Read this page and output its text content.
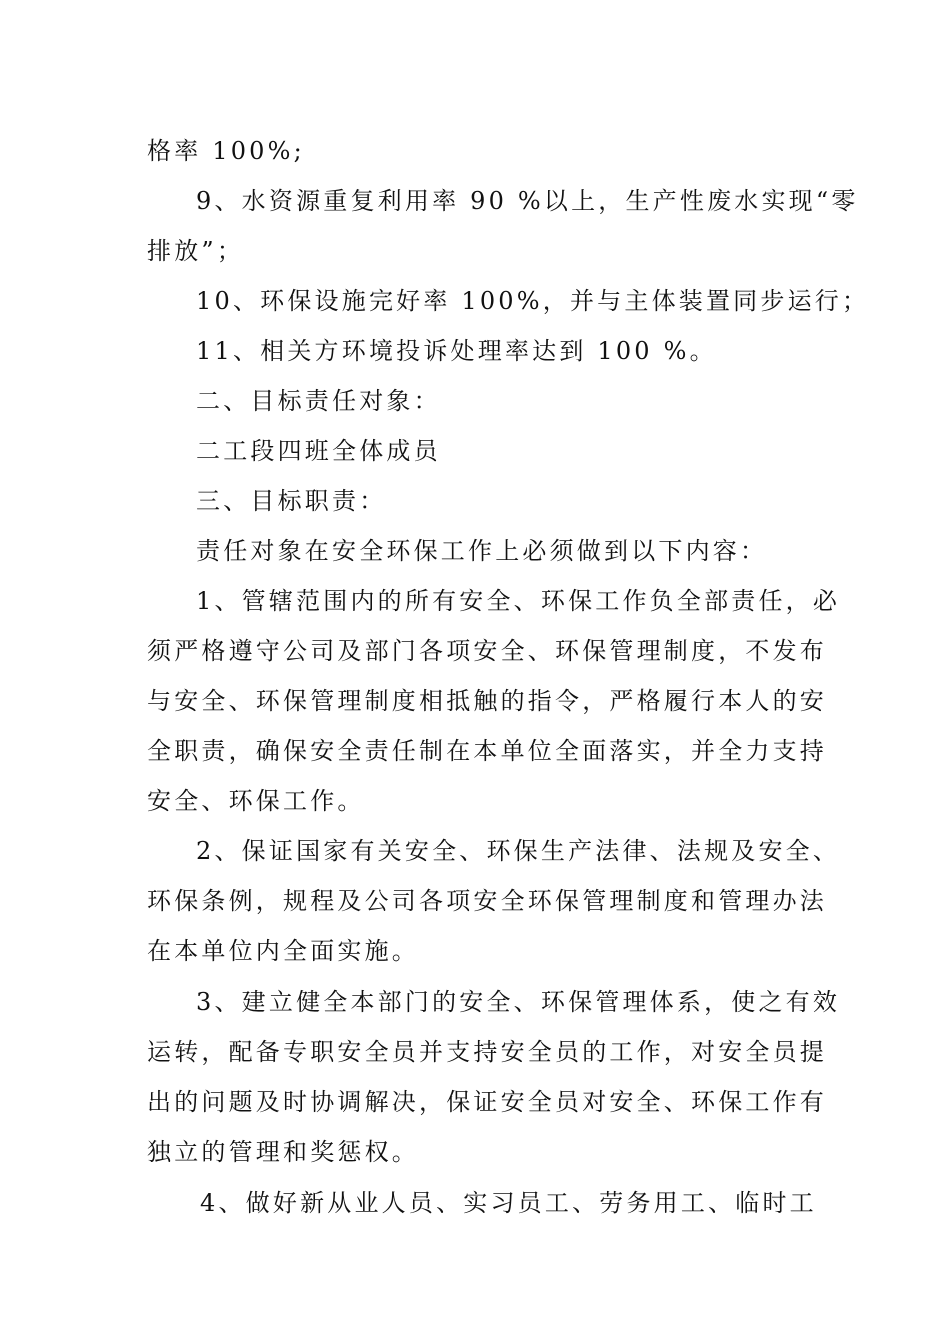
格率 100%;
9、水资源重复利用率 90 %以上，生产性废水实现“零
排放”；
10、环保设施完好率 100%，并与主体装置同步运行；
11、相关方环境投诉处理率达到 100 %。
二、目标责任对象：
二工段四班全体成员
三、目标职责：
责任对象在安全环保工作上必须做到以下内容：
1、管辖范围内的所有安全、环保工作负全部责任，必
须严格遵守公司及部门各项安全、环保管理制度，不发布
与安全、环保管理制度相抵触的指令，严格履行本人的安
全职责，确保安全责任制在本单位全面落实，并全力支持
安全、环保工作。
2、保证国家有关安全、环保生产法律、法规及安全、
环保条例，规程及公司各项安全环保管理制度和管理办法
在本单位内全面实施。
3、建立健全本部门的安全、环保管理体系，使之有效
运转，配备专职安全员并支持安全员的工作，对安全员提
出的问题及时协调解决，保证安全员对安全、环保工作有
独立的管理和奖惩权。
4、做好新从业人员、实习员工、劳务用工、临时工
